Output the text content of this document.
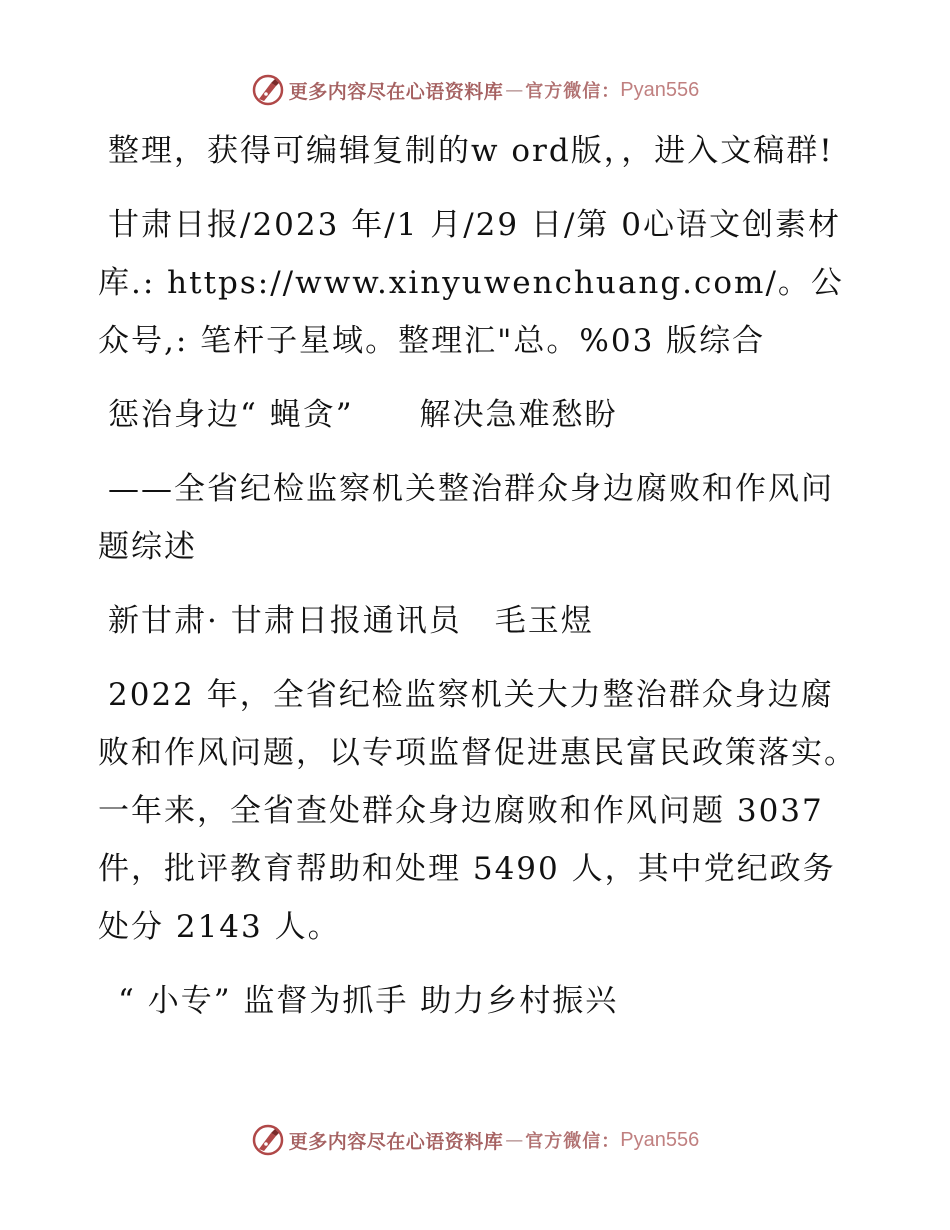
更多内容尽在心语资料库 — 官方微信： Pyan556

整理，获得可编辑复制的w ord版，，进入文稿群!

甘肃日报/2023 年/1 月/29 日/第 0心语文创素材库.: https://www.xinyuwenchuang.com/。公众号,: 笔杆子星域。整理汇"总。%03 版综合

惩治身边“ 蝇贪”　　解决急难愁盼

——全省纪检监察机关整治群众身边腐败和作风问题综述

新甘肃· 甘肃日报通讯员　毛玉煜

2022 年，全省纪检监察机关大力整治群众身边腐败和作风问题，以专项监督促进惠民富民政策落实。一年来，全省查处群众身边腐败和作风问题 3037 件，批评教育帮助和处理 5490 人，其中党纪政务处分 2143 人。

“ 小专” 监督为抓手 助力乡村振兴

更多内容尽在心语资料库 — 官方微信： Pyan556
